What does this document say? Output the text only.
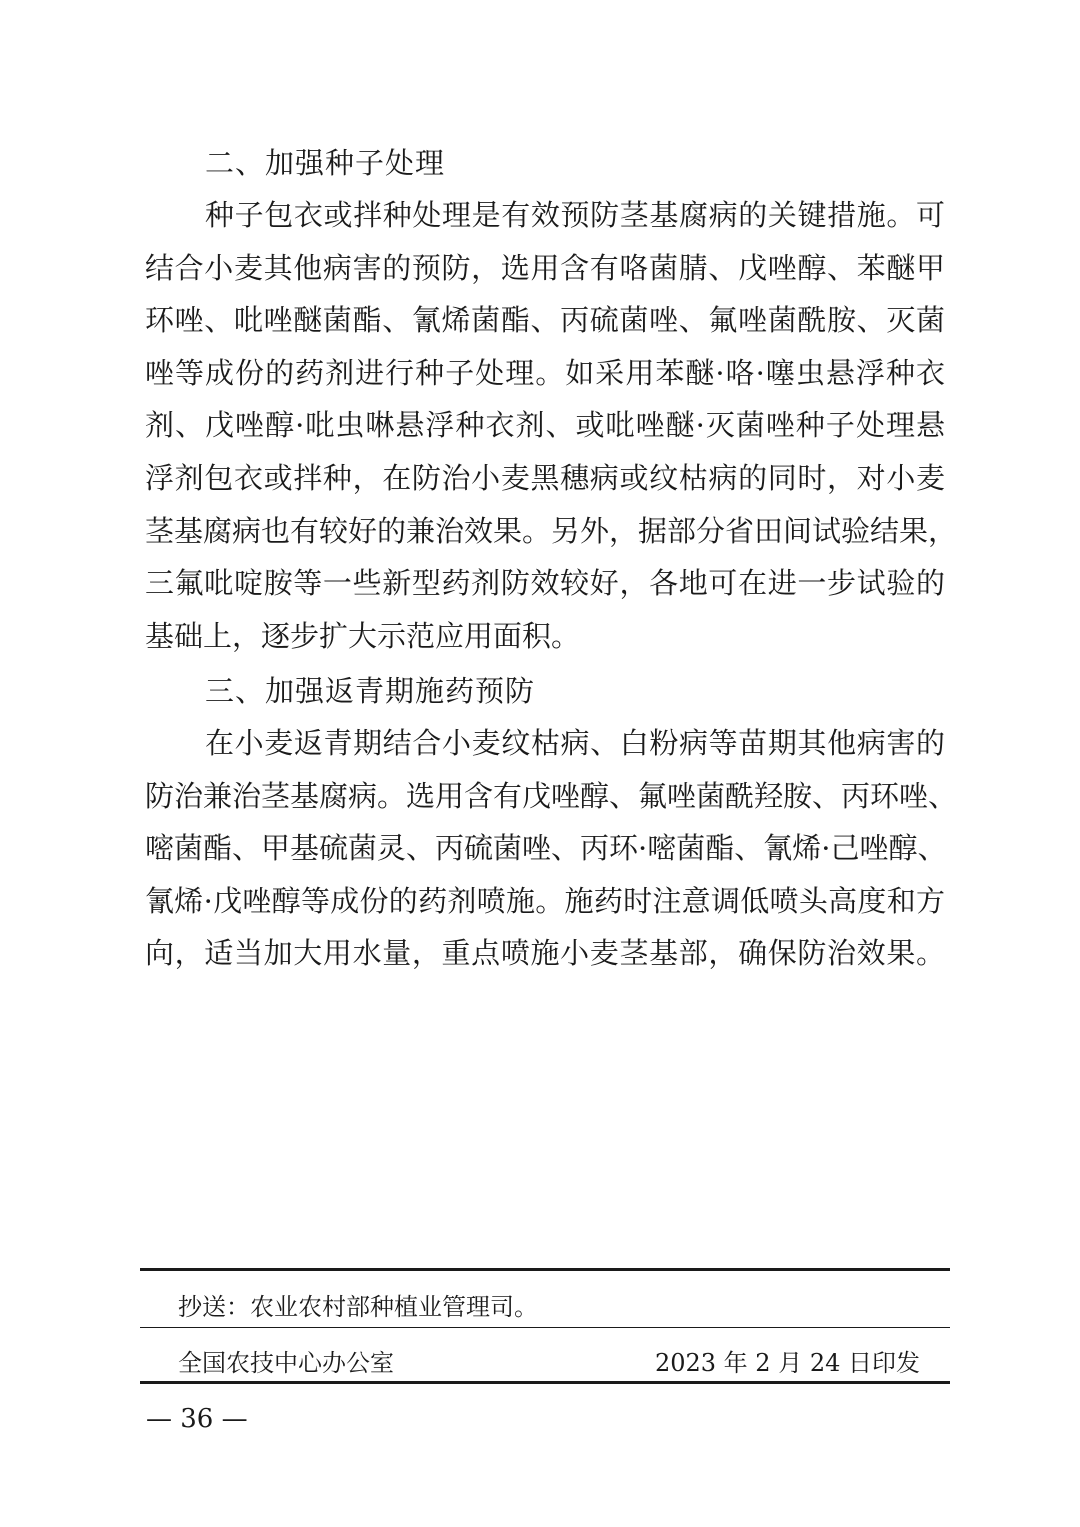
二、加强种子处理
种子包衣或拌种处理是有效预防茎基腐病的关键措施。可
结合小麦其他病害的预防，选用含有咯菌腈、戊唑醇、苯醚甲
环唑、吡唑醚菌酯、氰烯菌酯、丙硫菌唑、氟唑菌酰胺、灭菌
唑等成份的药剂进行种子处理。如采用苯醚·咯·噻虫悬浮种衣
剂、戊唑醇·吡虫啉悬浮种衣剂、或吡唑醚·灭菌唑种子处理悬
浮剂包衣或拌种，在防治小麦黑穗病或纹枯病的同时，对小麦
茎基腐病也有较好的兼治效果。另外，据部分省田间试验结果，
三氟吡啶胺等一些新型药剂防效较好，各地可在进一步试验的
基础上，逐步扩大示范应用面积。
三、加强返青期施药预防
在小麦返青期结合小麦纹枯病、白粉病等苗期其他病害的
防治兼治茎基腐病。选用含有戊唑醇、氟唑菌酰羟胺、丙环唑、
嘧菌酯、甲基硫菌灵、丙硫菌唑、丙环·嘧菌酯、氰烯·己唑醇、
氰烯·戊唑醇等成份的药剂喷施。施药时注意调低喷头高度和方
向，适当加大用水量，重点喷施小麦茎基部，确保防治效果。
抄送：农业农村部种植业管理司。
全国农技中心办公室	2023 年 2 月 24 日印发
— 36 —
